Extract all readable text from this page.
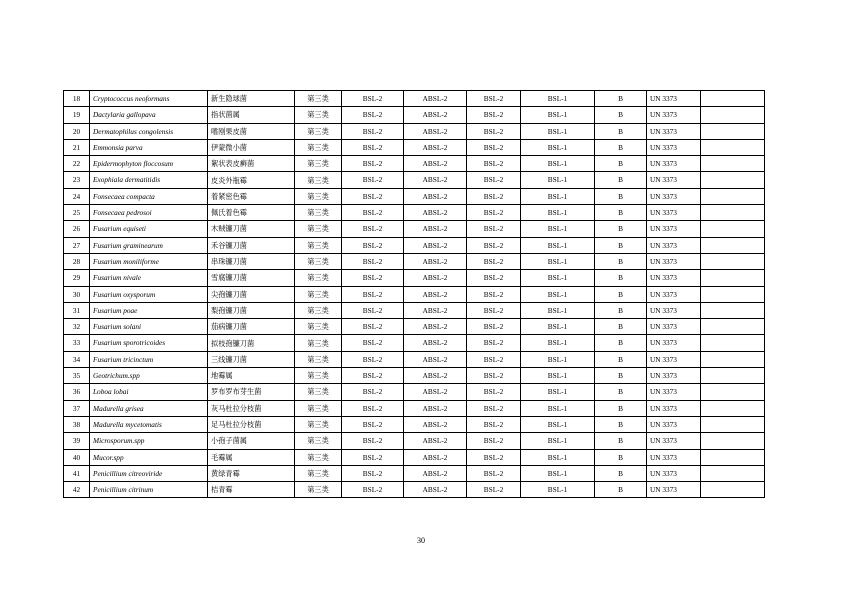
18	Cryptococcus neoformans	新生隐球菌	第三类	BSL-2	ABSL-2	BSL-2	BSL-1	B	UN 3373	
19	Dactylaria gallopava	指状菌属	第三类	BSL-2	ABSL-2	BSL-2	BSL-1	B	UN 3373	
20	Dermatophilus congolensis	嗜刚果皮菌	第三类	BSL-2	ABSL-2	BSL-2	BSL-1	B	UN 3373	
21	Emmonsia parva	伊蒙微小菌	第三类	BSL-2	ABSL-2	BSL-2	BSL-1	B	UN 3373	
22	Epidermophyton floccosum	絮状表皮癣菌	第三类	BSL-2	ABSL-2	BSL-2	BSL-1	B	UN 3373	
23	Exophiala dermatitidis	皮炎外瓶霉	第三类	BSL-2	ABSL-2	BSL-2	BSL-1	B	UN 3373	
24	Fonsecaea compacta	着紧密色霉	第三类	BSL-2	ABSL-2	BSL-2	BSL-1	B	UN 3373	
25	Fonsecaea pedrosoi	佩氏着色霉	第三类	BSL-2	ABSL-2	BSL-2	BSL-1	B	UN 3373	
26	Fusarium equiseti	木贼镰刀菌	第三类	BSL-2	ABSL-2	BSL-2	BSL-1	B	UN 3373	
27	Fusarium graminearum	禾谷镰刀菌	第三类	BSL-2	ABSL-2	BSL-2	BSL-1	B	UN 3373	
28	Fusarium moniliforme	串珠镰刀菌	第三类	BSL-2	ABSL-2	BSL-2	BSL-1	B	UN 3373	
29	Fusarium nivale	雪腐镰刀菌	第三类	BSL-2	ABSL-2	BSL-2	BSL-1	B	UN 3373	
30	Fusarium oxysporum	尖孢镰刀菌	第三类	BSL-2	ABSL-2	BSL-2	BSL-1	B	UN 3373	
31	Fusarium poae	梨孢镰刀菌	第三类	BSL-2	ABSL-2	BSL-2	BSL-1	B	UN 3373	
32	Fusarium solani	茄病镰刀菌	第三类	BSL-2	ABSL-2	BSL-2	BSL-1	B	UN 3373	
33	Fusarium sporotricoides	拟枝孢镰刀菌	第三类	BSL-2	ABSL-2	BSL-2	BSL-1	B	UN 3373	
34	Fusarium tricinctum	三线镰刀菌	第三类	BSL-2	ABSL-2	BSL-2	BSL-1	B	UN 3373	
35	Geotrichum.spp	地霉属	第三类	BSL-2	ABSL-2	BSL-2	BSL-1	B	UN 3373	
36	Loboa lobai	罗布罗布芽生菌	第三类	BSL-2	ABSL-2	BSL-2	BSL-1	B	UN 3373	
37	Madurella grisea	灰马杜拉分枝菌	第三类	BSL-2	ABSL-2	BSL-2	BSL-1	B	UN 3373	
38	Madurella mycetomatis	足马杜拉分枝菌	第三类	BSL-2	ABSL-2	BSL-2	BSL-1	B	UN 3373	
39	Microsporum.spp	小孢子菌属	第三类	BSL-2	ABSL-2	BSL-2	BSL-1	B	UN 3373	
40	Mucor.spp	毛霉属	第三类	BSL-2	ABSL-2	BSL-2	BSL-1	B	UN 3373	
41	Penicillium citreoviride	黄绿青霉	第三类	BSL-2	ABSL-2	BSL-2	BSL-1	B	UN 3373	
42	Penicillium citrinum	桔青霉	第三类	BSL-2	ABSL-2	BSL-2	BSL-1	B	UN 3373	
30
